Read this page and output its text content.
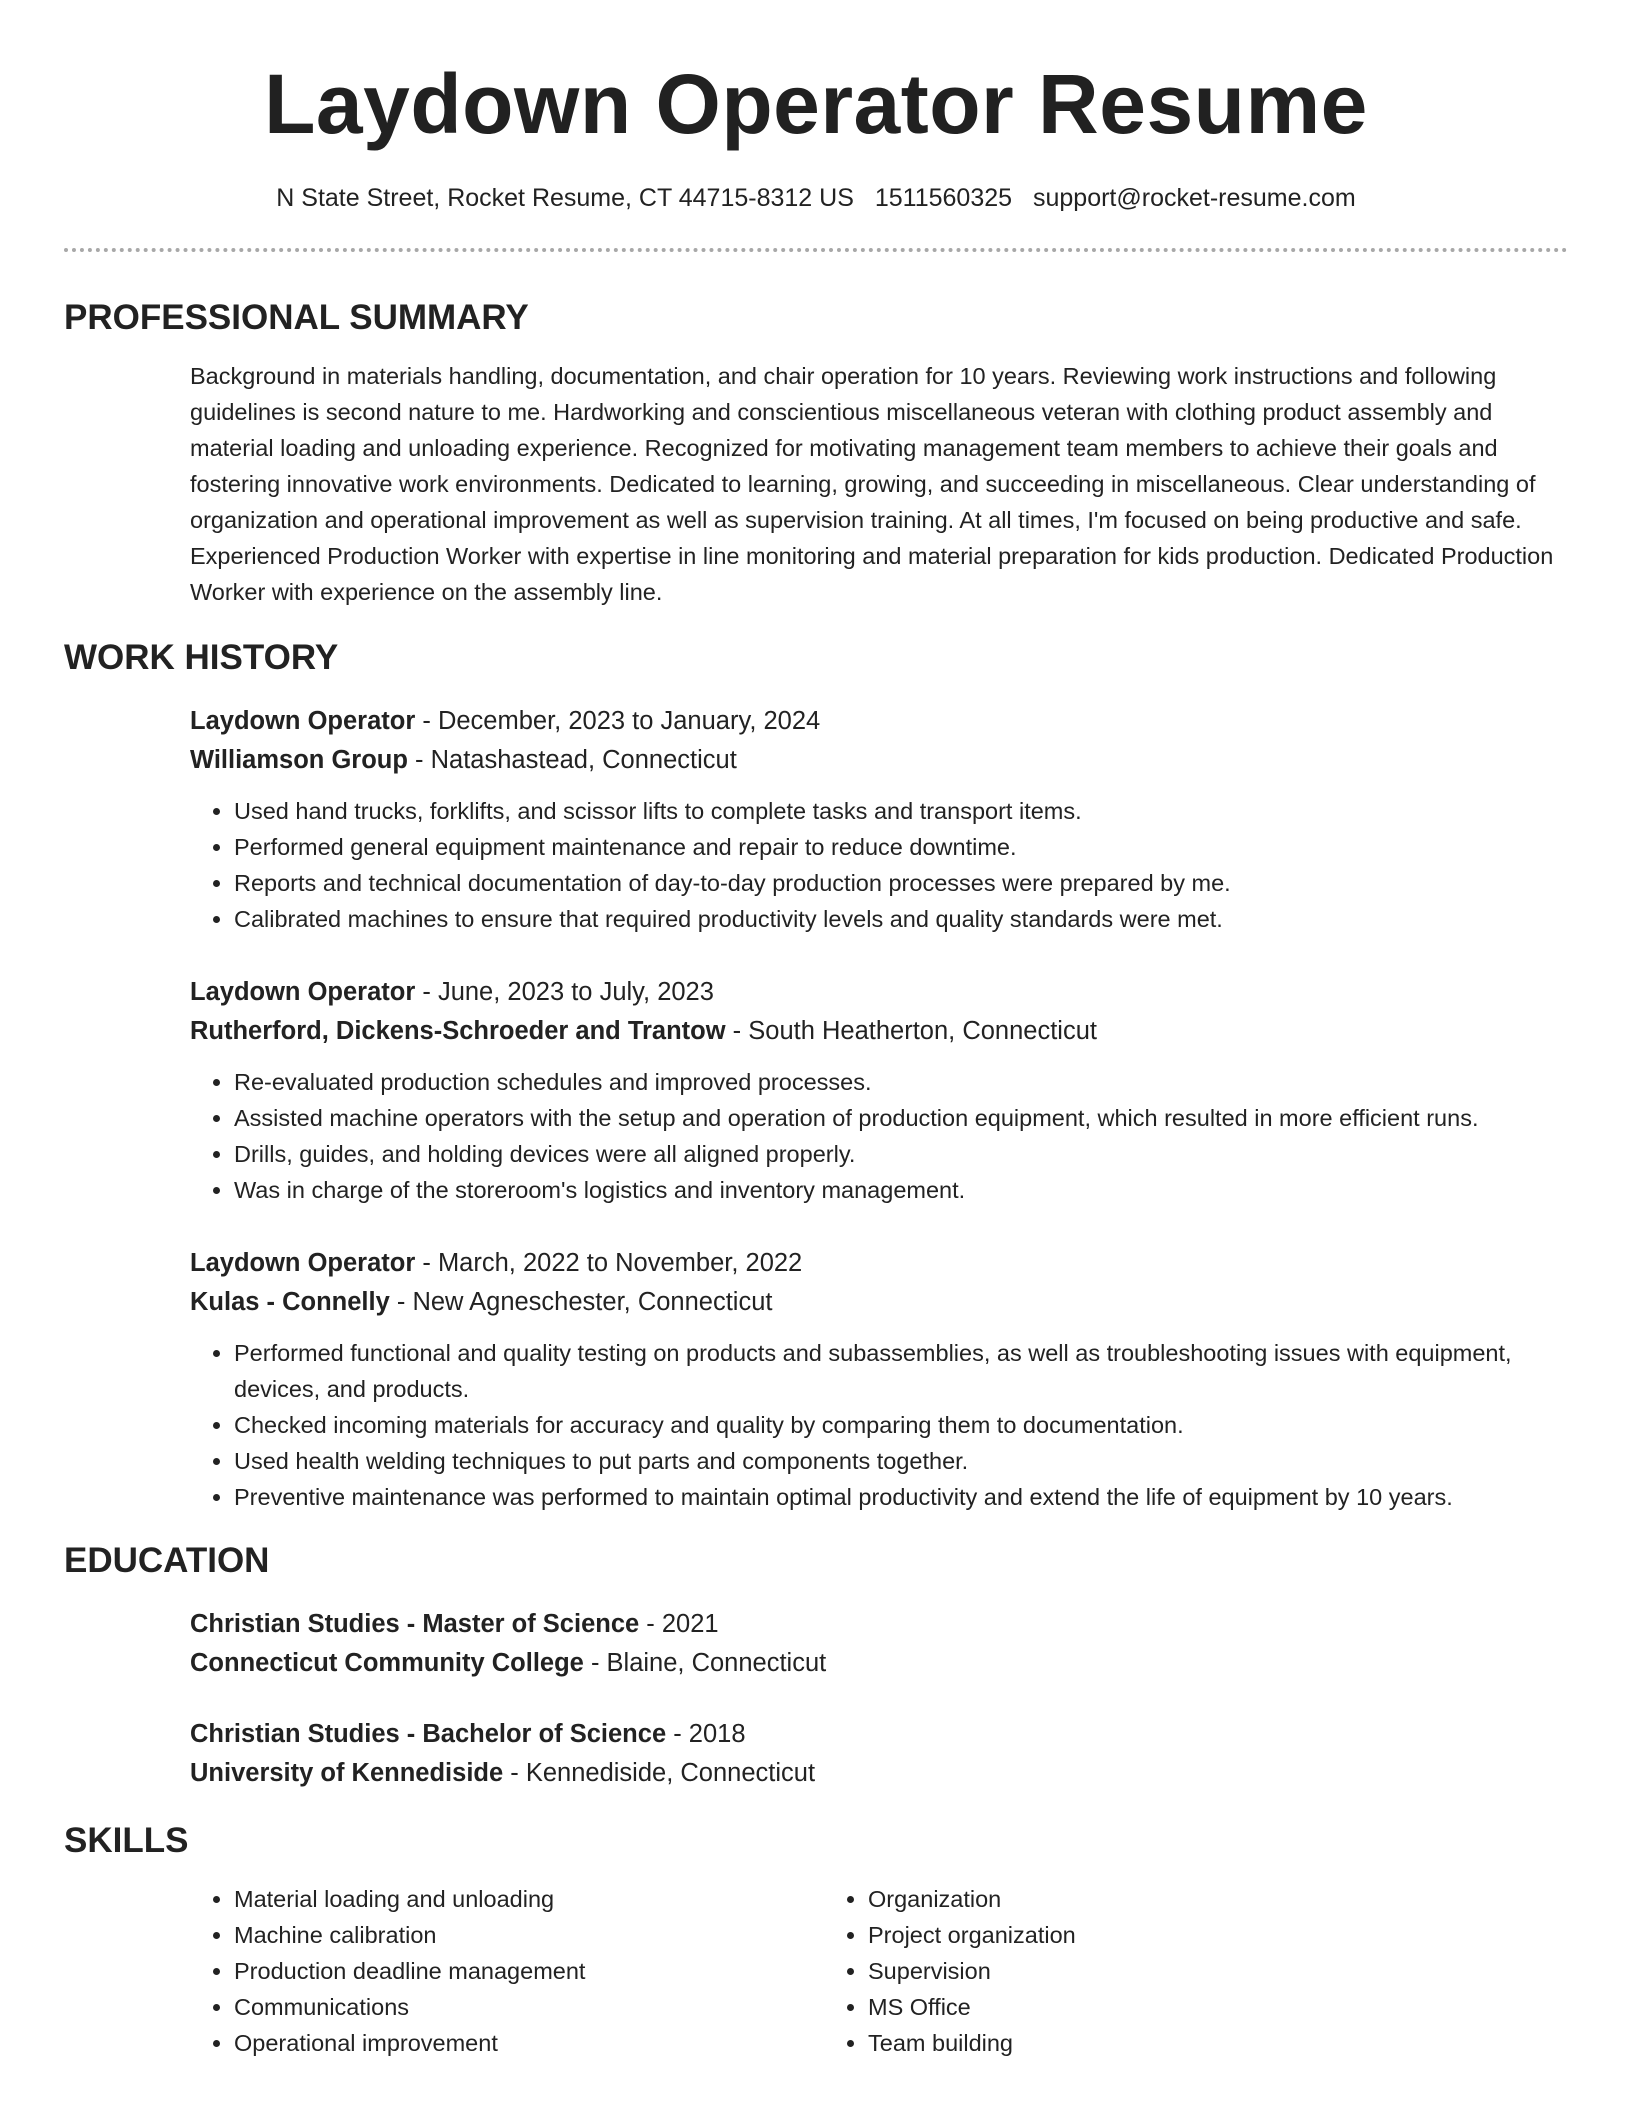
Laydown Operator Resume
N State Street, Rocket Resume, CT 44715-8312 US 1511560325 support@rocket-resume.com
PROFESSIONAL SUMMARY

Background in materials handling, documentation, and chair operation for 10 years. Reviewing work instructions and following guidelines is second nature to me. Hardworking and conscientious miscellaneous veteran with clothing product assembly and material loading and unloading experience. Recognized for motivating management team members to achieve their goals and fostering innovative work environments. Dedicated to learning, growing, and succeeding in miscellaneous. Clear understanding of organization and operational improvement as well as supervision training. At all times, I'm focused on being productive and safe. Experienced Production Worker with expertise in line monitoring and material preparation for kids production. Dedicated Production Worker with experience on the assembly line.

WORK HISTORY
Laydown Operator - December, 2023 to January, 2024
Williamson Group - Natashastead, Connecticut
• Used hand trucks, forklifts, and scissor lifts to complete tasks and transport items.
• Performed general equipment maintenance and repair to reduce downtime.
• Reports and technical documentation of day-to-day production processes were prepared by me.
• Calibrated machines to ensure that required productivity levels and quality standards were met.
Laydown Operator - June, 2023 to July, 2023
Rutherford, Dickens-Schroeder and Trantow - South Heatherton, Connecticut
• Re-evaluated production schedules and improved processes.
• Assisted machine operators with the setup and operation of production equipment, which resulted in more efficient runs.
• Drills, guides, and holding devices were all aligned properly.
• Was in charge of the storeroom's logistics and inventory management.
Laydown Operator - March, 2022 to November, 2022
Kulas - Connelly - New Agneschester, Connecticut
• Performed functional and quality testing on products and subassemblies, as well as troubleshooting issues with equipment, devices, and products.
• Checked incoming materials for accuracy and quality by comparing them to documentation.
• Used health welding techniques to put parts and components together.
• Preventive maintenance was performed to maintain optimal productivity and extend the life of equipment by 10 years.
EDUCATION
Christian Studies - Master of Science - 2021
Connecticut Community College - Blaine, Connecticut
Christian Studies - Bachelor of Science - 2018
University of Kennediside - Kennediside, Connecticut
SKILLS
• Material loading and unloading
• Machine calibration
• Production deadline management
• Communications
• Operational improvement
• Organization
• Project organization
• Supervision
• MS Office
• Team building
